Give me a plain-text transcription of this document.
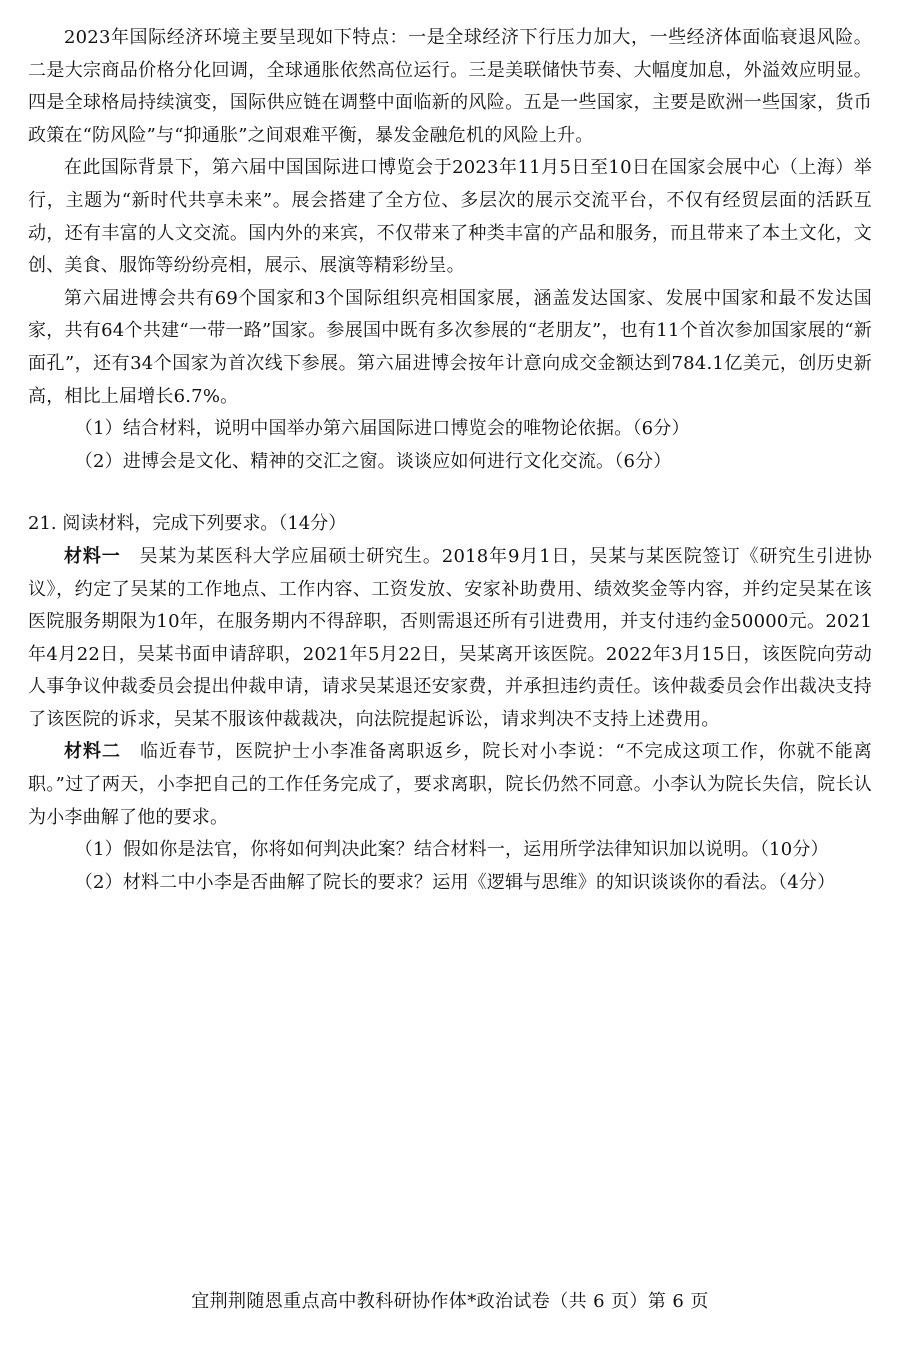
2023年国际经济环境主要呈现如下特点：一是全球经济下行压力加大，一些经济体面临衰退风险。二是大宗商品价格分化回调，全球通胀依然高位运行。三是美联储快节奏、大幅度加息，外溢效应明显。四是全球格局持续演变，国际供应链在调整中面临新的风险。五是一些国家，主要是欧洲一些国家，货币政策在“防风险”与“抑通胀”之间艰难平衡，暴发金融危机的风险上升。

在此国际背景下，第六届中国国际进口博览会于2023年11月5日至10日在国家会展中心（上海）举行，主题为“新时代共享未来”。展会搭建了全方位、多层次的展示交流平台，不仅有经贸层面的活跃互动，还有丰富的人文交流。国内外的来宾，不仅带来了种类丰富的产品和服务，而且带来了本土文化，文创、美食、服饰等纷纷亮相，展示、展演等精彩纷呈。

第六届进博会共有69个国家和3个国际组织亮相国家展，涵盖发达国家、发展中国家和最不发达国家，共有64个共建“一带一路”国家。参展国中既有多次参展的“老朋友”，也有11个首次参加国家展的“新面孔”，还有34个国家为首次线下参展。第六届进博会按年计意向成交金额达到784.1亿美元，创历史新高，相比上届增长6.7%。

（1）结合材料，说明中国举办第六届国际进口博览会的唯物论依据。（6分）

（2）进博会是文化、精神的交汇之窗。谈谈应如何进行文化交流。（6分）

21. 阅读材料，完成下列要求。（14分）

材料一　吴某为某医科大学应届硕士研究生。2018年9月1日，吴某与某医院签订《研究生引进协议》，约定了吴某的工作地点、工作内容、工资发放、安家补助费用、绩效奖金等内容，并约定吴某在该医院服务期限为10年，在服务期内不得辞职，否则需退还所有引进费用，并支付违约金50000元。2021年4月22日，吴某书面申请辞职，2021年5月22日，吴某离开该医院。2022年3月15日，该医院向劳动人事争议仲裁委员会提出仲裁申请，请求吴某退还安家费，并承担违约责任。该仲裁委员会作出裁决支持了该医院的诉求，吴某不服该仲裁裁决，向法院提起诉讼，请求判决不支持上述费用。

材料二　临近春节，医院护士小李准备离职返乡，院长对小李说：“不完成这项工作，你就不能离职。”过了两天，小李把自己的工作任务完成了，要求离职，院长仍然不同意。小李认为院长失信，院长认为小李曲解了他的要求。

（1）假如你是法官，你将如何判决此案？结合材料一，运用所学法律知识加以说明。（10分）

（2）材料二中小李是否曲解了院长的要求？运用《逻辑与思维》的知识谈谈你的看法。（4分）

宜荆荆随恩重点高中教科研协作体*政治试卷（共 6 页）第 6 页
